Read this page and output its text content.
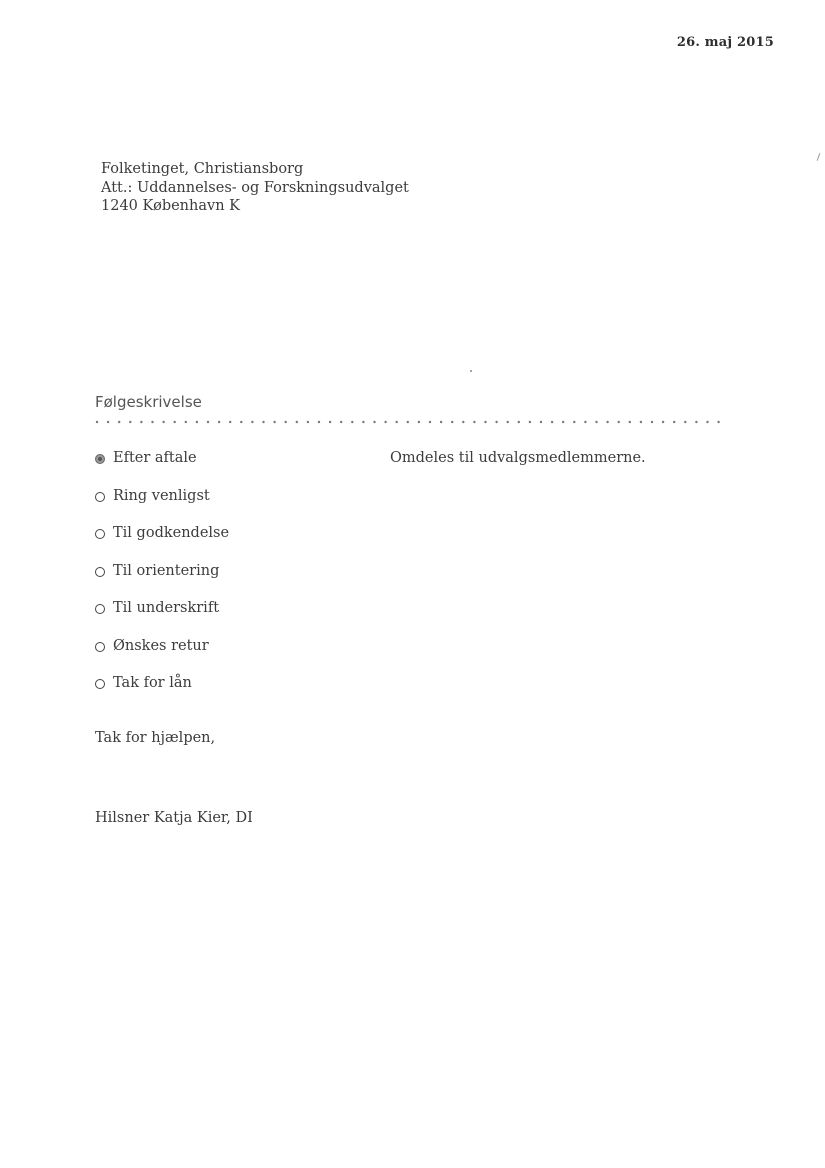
26. maj 2015
Folketinget, Christiansborg
Att.: Uddannelses- og Forskningsudvalget
1240 København K
Følgeskrivelse
Efter aftale
Ring venligst
Til godkendelse
Til orientering
Til underskrift
Ønskes retur
Tak for lån
Omdeles til udvalgsmedlemmerne.
Tak for hjælpen,
Hilsner Katja Kier, DI
